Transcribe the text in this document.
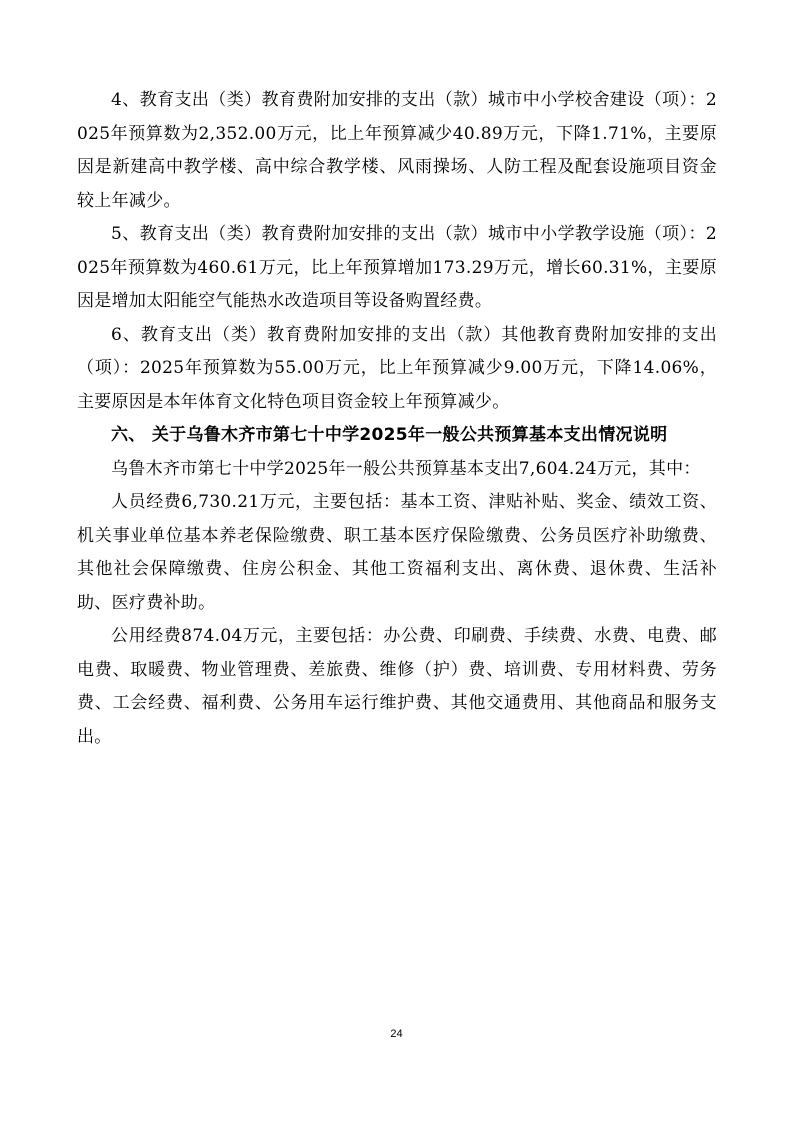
4、教育支出（类）教育费附加安排的支出（款）城市中小学校舍建设（项）：2025年预算数为2,352.00万元，比上年预算减少40.89万元，下降1.71%，主要原因是新建高中教学楼、高中综合教学楼、风雨操场、人防工程及配套设施项目资金较上年减少。

5、教育支出（类）教育费附加安排的支出（款）城市中小学教学设施（项）：2025年预算数为460.61万元，比上年预算增加173.29万元，增长60.31%，主要原因是增加太阳能空气能热水改造项目等设备购置经费。

6、教育支出（类）教育费附加安排的支出（款）其他教育费附加安排的支出（项）：2025年预算数为55.00万元，比上年预算减少9.00万元，下降14.06%，主要原因是本年体育文化特色项目资金较上年预算减少。

六、 关于乌鲁木齐市第七十中学2025年一般公共预算基本支出情况说明

乌鲁木齐市第七十中学2025年一般公共预算基本支出7,604.24万元，其中：

人员经费6,730.21万元，主要包括：基本工资、津贴补贴、奖金、绩效工资、机关事业单位基本养老保险缴费、职工基本医疗保险缴费、公务员医疗补助缴费、其他社会保障缴费、住房公积金、其他工资福利支出、离休费、退休费、生活补助、医疗费补助。

公用经费874.04万元，主要包括：办公费、印刷费、手续费、水费、电费、邮电费、取暖费、物业管理费、差旅费、维修（护）费、培训费、专用材料费、劳务费、工会经费、福利费、公务用车运行维护费、其他交通费用、其他商品和服务支出。

24
